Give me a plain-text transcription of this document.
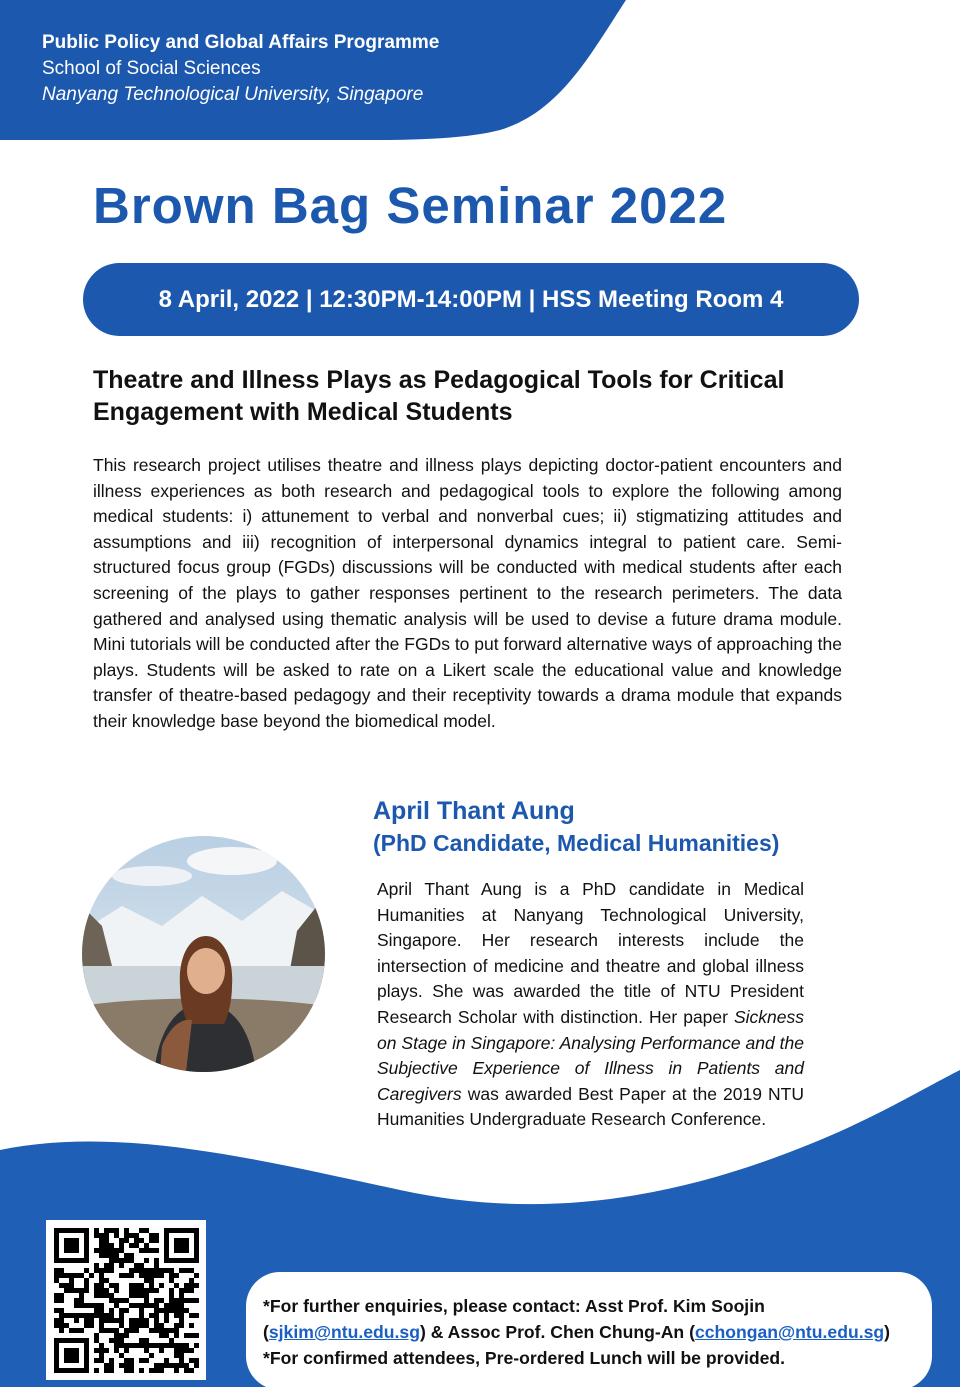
Public Policy and Global Affairs Programme
School of Social Sciences
Nanyang Technological University, Singapore
Brown Bag Seminar 2022
8 April, 2022 | 12:30PM-14:00PM | HSS Meeting Room 4
Theatre and Illness Plays as Pedagogical Tools for Critical Engagement with Medical Students
This research project utilises theatre and illness plays depicting doctor-patient encounters and illness experiences as both research and pedagogical tools to explore the following among medical students: i) attunement to verbal and nonverbal cues; ii) stigmatizing attitudes and assumptions and iii) recognition of interpersonal dynamics integral to patient care. Semi-structured focus group (FGDs) discussions will be conducted with medical students after each screening of the plays to gather responses pertinent to the research perimeters. The data gathered and analysed using thematic analysis will be used to devise a future drama module. Mini tutorials will be conducted after the FGDs to put forward alternative ways of approaching the plays. Students will be asked to rate on a Likert scale the educational value and knowledge transfer of theatre-based pedagogy and their receptivity towards a drama module that expands their knowledge base beyond the biomedical model.
April Thant Aung
(PhD Candidate, Medical Humanities)
April Thant Aung is a PhD candidate in Medical Humanities at Nanyang Technological University, Singapore. Her research interests include the intersection of medicine and theatre and global illness plays. She was awarded the title of NTU President Research Scholar with distinction. Her paper Sickness on Stage in Singapore: Analysing Performance and the Subjective Experience of Illness in Patients and Caregivers was awarded Best Paper at the 2019 NTU Humanities Undergraduate Research Conference.
*For further enquiries, please contact: Asst Prof. Kim Soojin
(sjkim@ntu.edu.sg) & Assoc Prof. Chen Chung-An (cchongan@ntu.edu.sg)
*For confirmed attendees, Pre-ordered Lunch will be provided.
